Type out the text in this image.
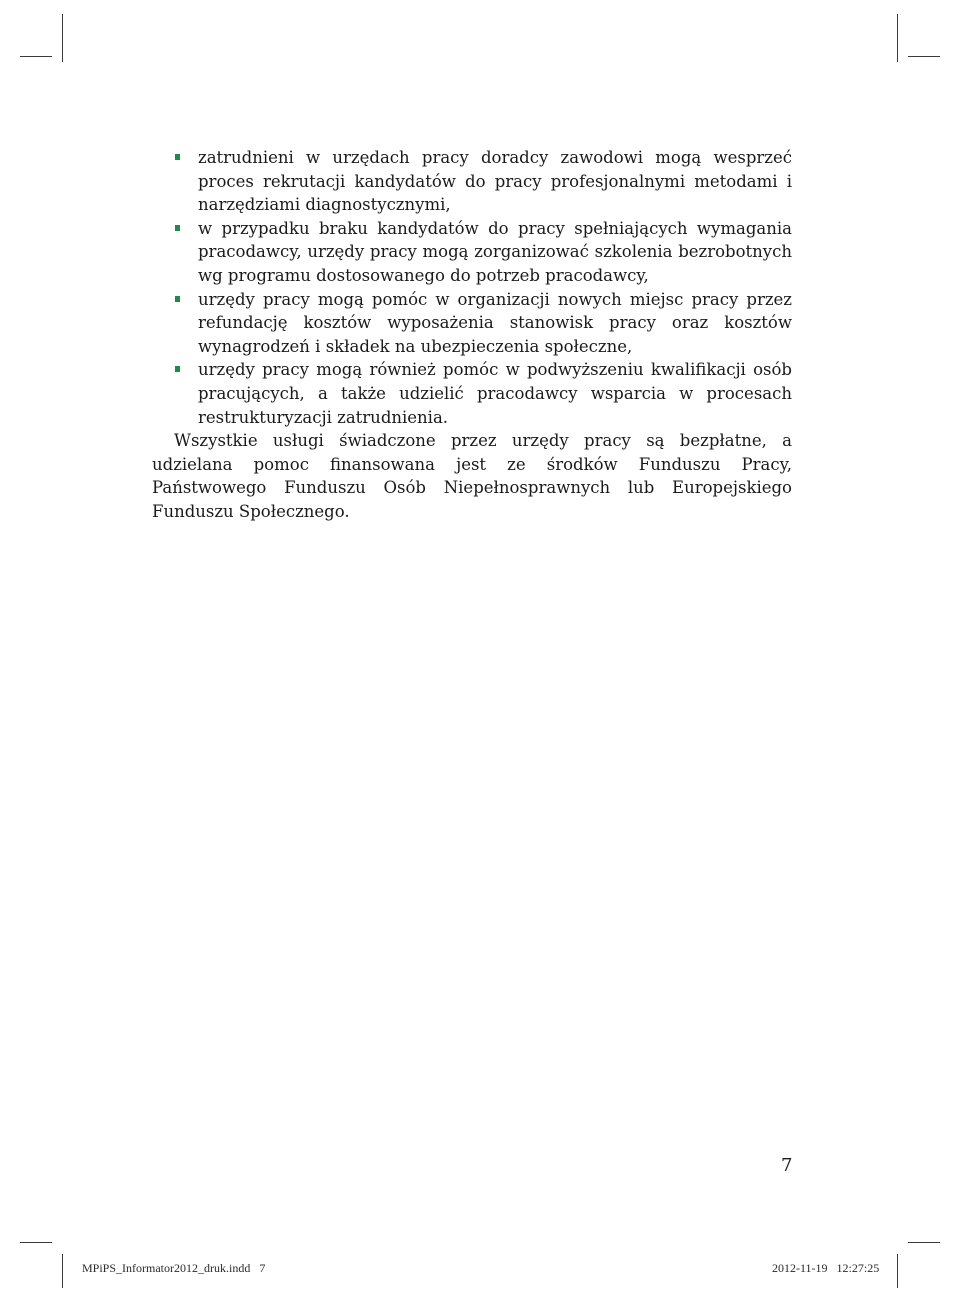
zatrudnieni w urzędach pracy doradcy zawodowi mogą wesprzeć proces rekrutacji kandydatów do pracy profesjonalnymi metodami i narzędziami diagnostycznymi,
w przypadku braku kandydatów do pracy spełniających wymagania pracodawcy, urzędy pracy mogą zorganizować szkolenia bezrobotnych wg programu dostosowanego do potrzeb pracodawcy,
urzędy pracy mogą pomóc w organizacji nowych miejsc pracy przez refundację kosztów wyposażenia stanowisk pracy oraz kosztów wynagrodzeń i składek na ubezpieczenia społeczne,
urzędy pracy mogą również pomóc w podwyższeniu kwalifikacji osób pracujących, a także udzielić pracodawcy wsparcia w procesach restrukturyzacji zatrudnienia.

Wszystkie usługi świadczone przez urzędy pracy są bezpłatne, a udzielana pomoc finansowana jest ze środków Funduszu Pracy, Państwowego Funduszu Osób Niepełnosprawnych lub Europejskiego Funduszu Społecznego.

7
MPiPS_Informator2012_druk.indd   7	2012-11-19   12:27:25
